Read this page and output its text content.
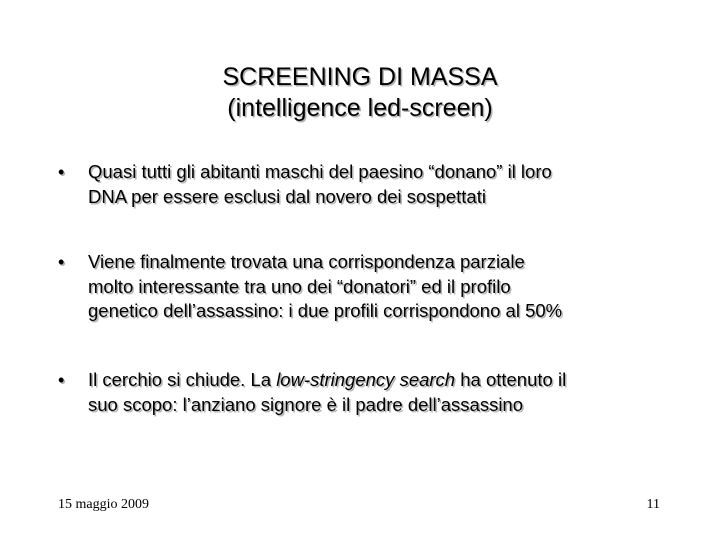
SCREENING DI MASSA
(intelligence led-screen)
•	Quasi tutti gli abitanti maschi del paesino “donano” il loro
DNA per essere esclusi dal novero dei sospettati
•	Viene finalmente trovata una corrispondenza parziale
molto interessante tra uno dei “donatori” ed il profilo
genetico dell’assassino: i due profili corrispondono al 50%
•	Il cerchio si chiude. La low-stringency search ha ottenuto il
suo scopo: l’anziano signore è il padre dell’assassino
15 maggio 2009	11
